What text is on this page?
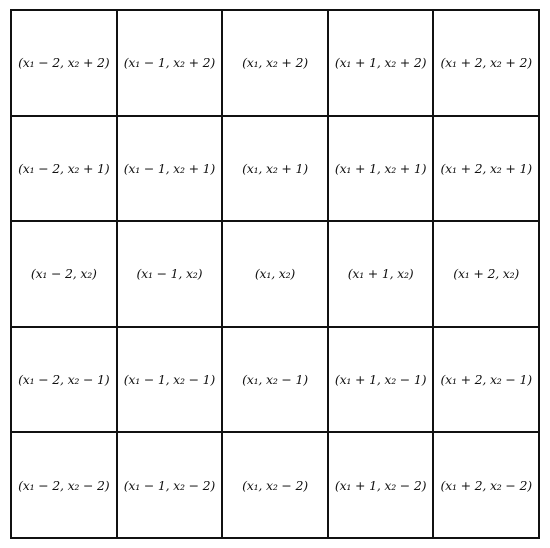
(x₁ − 2, x₂ + 2) (x₁ − 1, x₂ + 2) (x₁, x₂ + 2) (x₁ + 1, x₂ + 2) (x₁ + 2, x₂ + 2)
(x₁ − 2, x₂ + 1) (x₁ − 1, x₂ + 1) (x₁, x₂ + 1) (x₁ + 1, x₂ + 1) (x₁ + 2, x₂ + 1)
(x₁ − 2, x₂)	(x₁ − 1, x₂)	(x₁, x₂)	(x₁ + 1, x₂)	(x₁ + 2, x₂)
(x₁ − 2, x₂ − 1) (x₁ − 1, x₂ − 1) (x₁, x₂ − 1) (x₁ + 1, x₂ − 1) (x₁ + 2, x₂ − 1)
(x₁ − 2, x₂ − 2) (x₁ − 1, x₂ − 2) (x₁, x₂ − 2) (x₁ + 1, x₂ − 2) (x₁ + 2, x₂ − 2)
